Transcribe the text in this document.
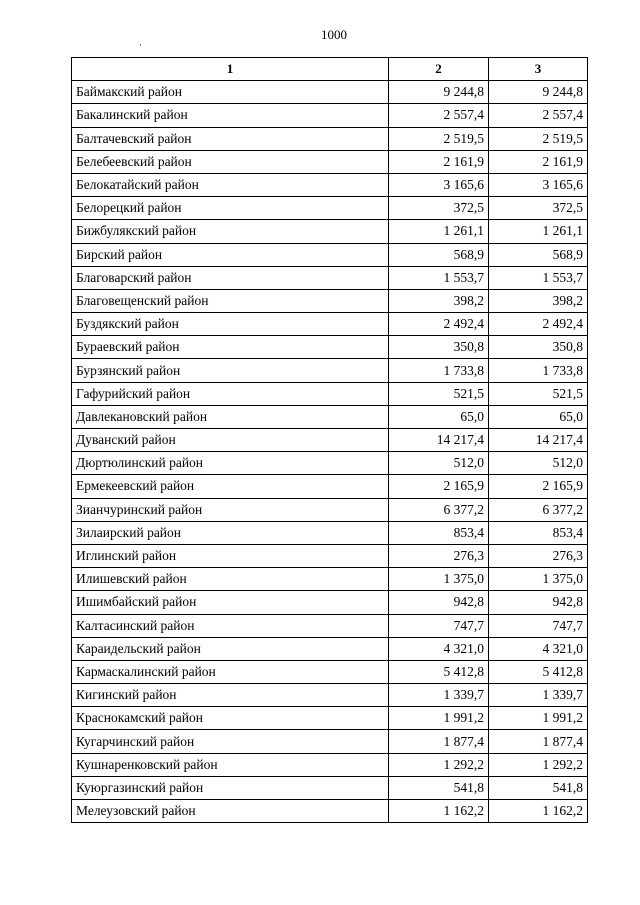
1000
1	2	3
Баймакский район	9 244,8	9 244,8
Бакалинский район	2 557,4	2 557,4
Балтачевский район	2 519,5	2 519,5
Белебеевский район	2 161,9	2 161,9
Белокатайский район	3 165,6	3 165,6
Белорецкий район	372,5	372,5
Бижбулякский район	1 261,1	1 261,1
Бирский район	568,9	568,9
Благоварский район	1 553,7	1 553,7
Благовещенский район	398,2	398,2
Буздякский район	2 492,4	2 492,4
Бураевский район	350,8	350,8
Бурзянский район	1 733,8	1 733,8
Гафурийский район	521,5	521,5
Давлекановский район	65,0	65,0
Дуванский район	14 217,4	14 217,4
Дюртюлинский район	512,0	512,0
Ермекеевский район	2 165,9	2 165,9
Зианчуринский район	6 377,2	6 377,2
Зилаирский район	853,4	853,4
Иглинский район	276,3	276,3
Илишевский район	1 375,0	1 375,0
Ишимбайский район	942,8	942,8
Калтасинский район	747,7	747,7
Караидельский район	4 321,0	4 321,0
Кармаскалинский район	5 412,8	5 412,8
Кигинский район	1 339,7	1 339,7
Краснокамский район	1 991,2	1 991,2
Кугарчинский район	1 877,4	1 877,4
Кушнаренковский район	1 292,2	1 292,2
Куюргазинский район	541,8	541,8
Мелеузовский район	1 162,2	1 162,2
